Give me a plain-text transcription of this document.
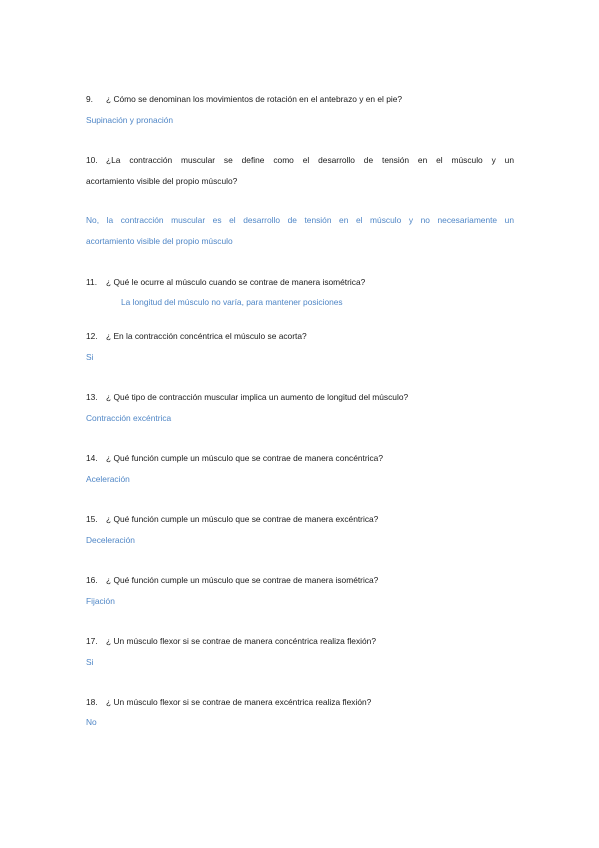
9. ¿ Cómo se denominan los movimientos de rotación en el antebrazo y en el pie?
Supinación y pronación
10. ¿La contracción muscular se define como el desarrollo de tensión en el músculo y un
acortamiento visible del propio músculo?
No, la contracción muscular es el desarrollo de tensión en el músculo y no necesariamente un
acortamiento visible del propio músculo
11. ¿ Qué le ocurre al músculo cuando se contrae de manera isométrica?
La longitud del músculo no varía, para mantener posiciones
12. ¿ En la contracción concéntrica el músculo se acorta?
Si
13. ¿ Qué tipo de contracción muscular implica un aumento de longitud del músculo?
Contracción excéntrica
14. ¿ Qué función cumple un músculo que se contrae de manera concéntrica?
Aceleración
15. ¿ Qué función cumple un músculo que se contrae de manera excéntrica?
Deceleración
16. ¿ Qué función cumple un músculo que se contrae de manera isométrica?
Fijación
17. ¿ Un músculo flexor si se contrae de manera concéntrica realiza flexión?
Si
18. ¿ Un músculo flexor si se contrae de manera excéntrica realiza flexión?
No
